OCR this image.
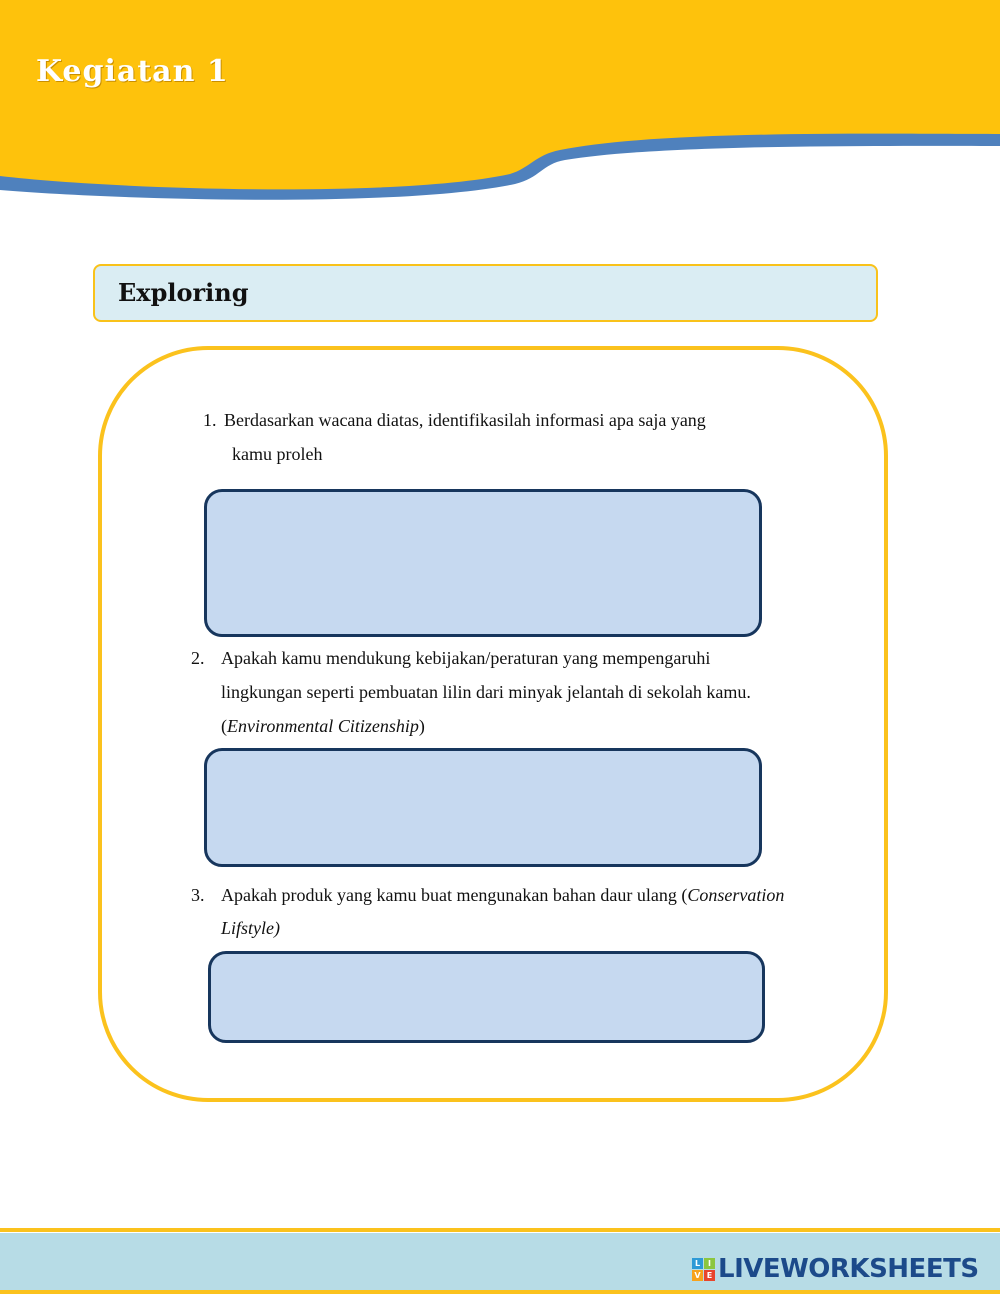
Kegiatan 1
Exploring
1. Berdasarkan wacana diatas, identifikasilah informasi apa saja yang

kamu proleh

2. Apakah kamu mendukung kebijakan/peraturan yang mempengaruhi

lingkungan seperti pembuatan lilin dari minyak jelantah di sekolah kamu.

(Environmental Citizenship)

3. Apakah produk yang kamu buat mengunakan bahan daur ulang (Conservation

Lifstyle)

L I
V E LIVEWORKSHEETS
